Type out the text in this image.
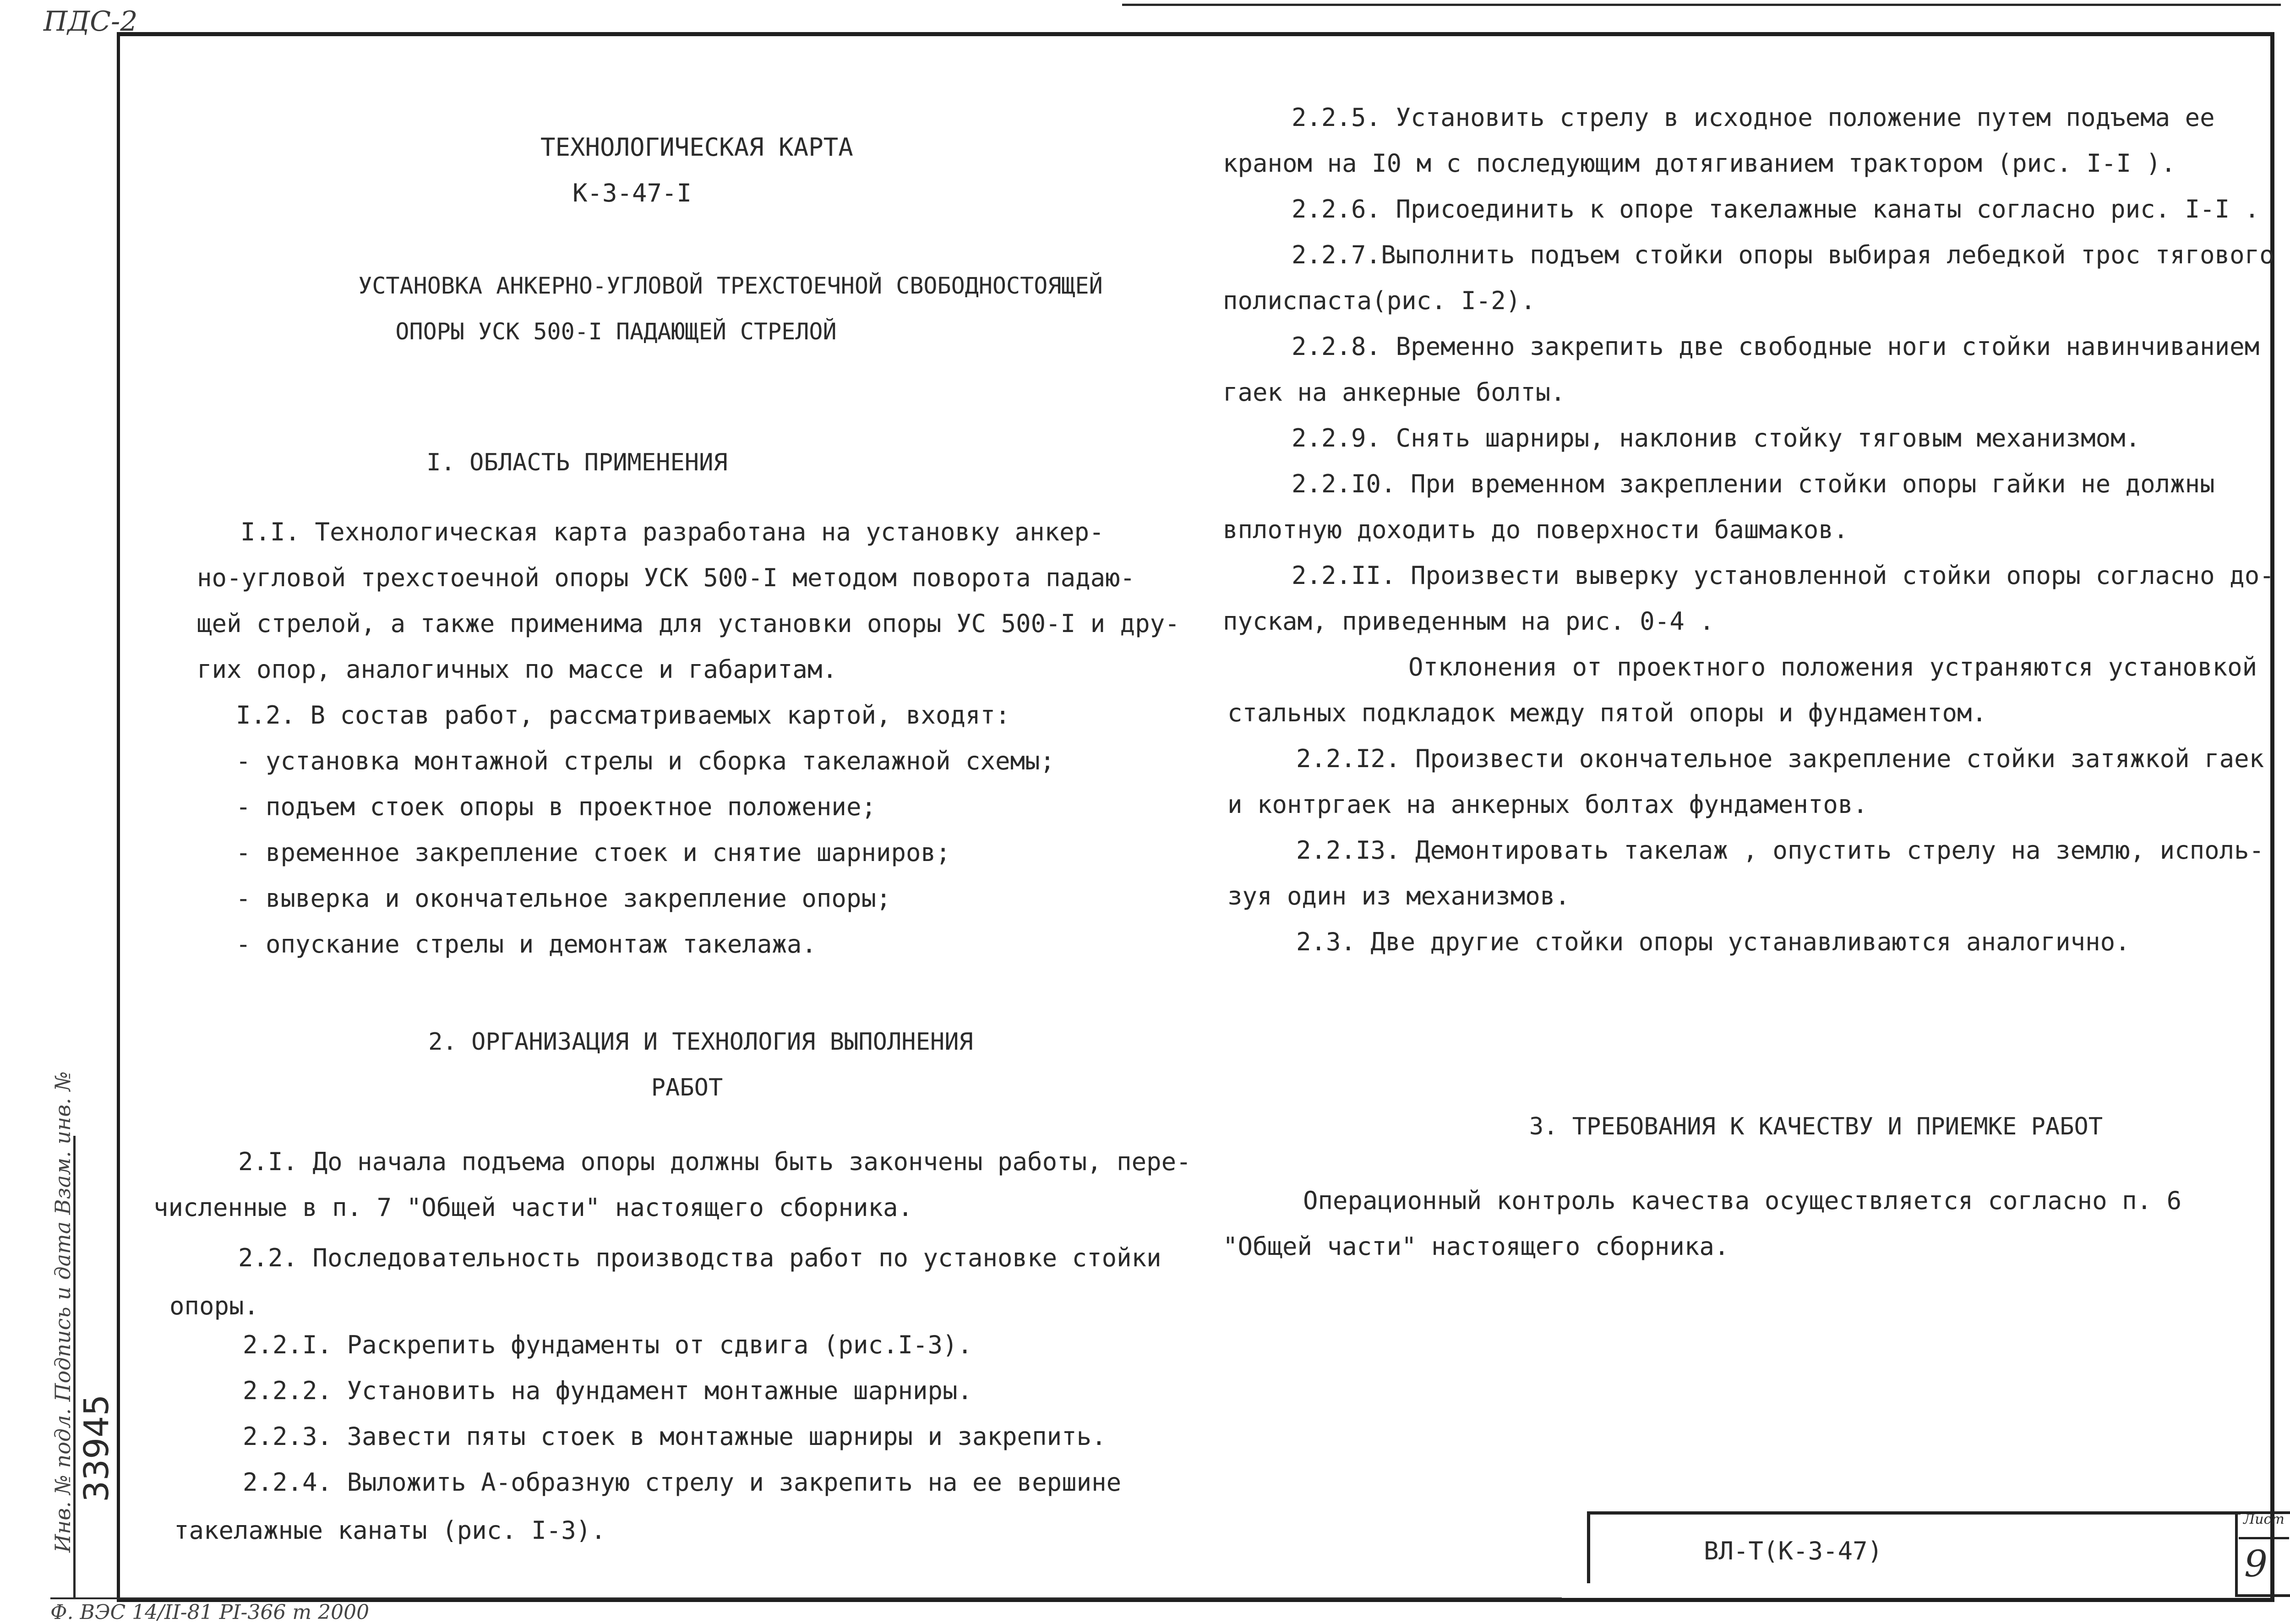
ПДС-2
ТЕХНОЛОГИЧЕСКАЯ КАРТА
К-3-47-I
УСТАНОВКА АНКЕРНО-УГЛОВОЙ ТРЕХСТОЕЧНОЙ СВОБОДНОСТОЯЩЕЙ
ОПОРЫ УСК 500-I ПАДАЮЩЕЙ СТРЕЛОЙ
I. ОБЛАСТЬ ПРИМЕНЕНИЯ
I.I. Технологическая карта разработана на установку анкер-
но-угловой трехстоечной опоры УСК 500-I методом поворота падаю-
щей стрелой, а также применима для установки опоры УС 500-I и дру-
гих опор, аналогичных по массе и габаритам.
I.2. В состав работ, рассматриваемых картой, входят:
- установка монтажной стрелы и сборка такелажной схемы;
- подъем стоек опоры в проектное положение;
- временное закрепление стоек и снятие шарниров;
- выверка и окончательное закрепление опоры;
- опускание стрелы и демонтаж такелажа.
2. ОРГАНИЗАЦИЯ И ТЕХНОЛОГИЯ ВЫПОЛНЕНИЯ
РАБОТ
2.I. До начала подъема опоры должны быть закончены работы, пере-
численные в п. 7 "Общей части" настоящего сборника.
2.2. Последовательность производства работ по установке стойки
опоры.
2.2.I. Раскрепить фундаменты от сдвига (рис.I-3).
2.2.2. Установить на фундамент монтажные шарниры.
2.2.3. Завести пяты стоек в монтажные шарниры и закрепить.
2.2.4. Выложить А-образную стрелу и закрепить на ее вершине
такелажные канаты (рис. I-3).
2.2.5. Установить стрелу в исходное положение путем подъема ее
краном на I0 м с последующим дотягиванием трактором (рис. I-I ).
2.2.6. Присоединить к опоре такелажные канаты согласно рис. I-I .
2.2.7.Выполнить подъем стойки опоры выбирая лебедкой трос тягового
полиспаста(рис. I-2).
2.2.8. Временно закрепить две свободные ноги стойки навинчиванием
гаек на анкерные болты.
2.2.9. Снять шарниры, наклонив стойку тяговым механизмом.
2.2.I0. При временном закреплении стойки опоры гайки не должны
вплотную доходить до поверхности башмаков.
2.2.II. Произвести выверку установленной стойки опоры согласно до-
пускам, приведенным на рис. 0-4 .
Отклонения от проектного положения устраняются установкой
стальных подкладок между пятой опоры и фундаментом.
2.2.I2. Произвести окончательное закрепление стойки затяжкой гаек
и контргаек на анкерных болтах фундаментов.
2.2.I3. Демонтировать такелаж , опустить стрелу на землю, исполь-
зуя один из механизмов.
2.3. Две другие стойки опоры устанавливаются аналогично.
3. ТРЕБОВАНИЯ К КАЧЕСТВУ И ПРИЕМКЕ РАБОТ
Операционный контроль качества осуществляется согласно п. 6
"Общей части" настоящего сборника.
ВЛ-Т(К-3-47)
Лист
9
33945
Инв. № подл. Подпись и дата Взам. инв. №
Ф. ВЭС 14/II-81 РI-366 т 2000
